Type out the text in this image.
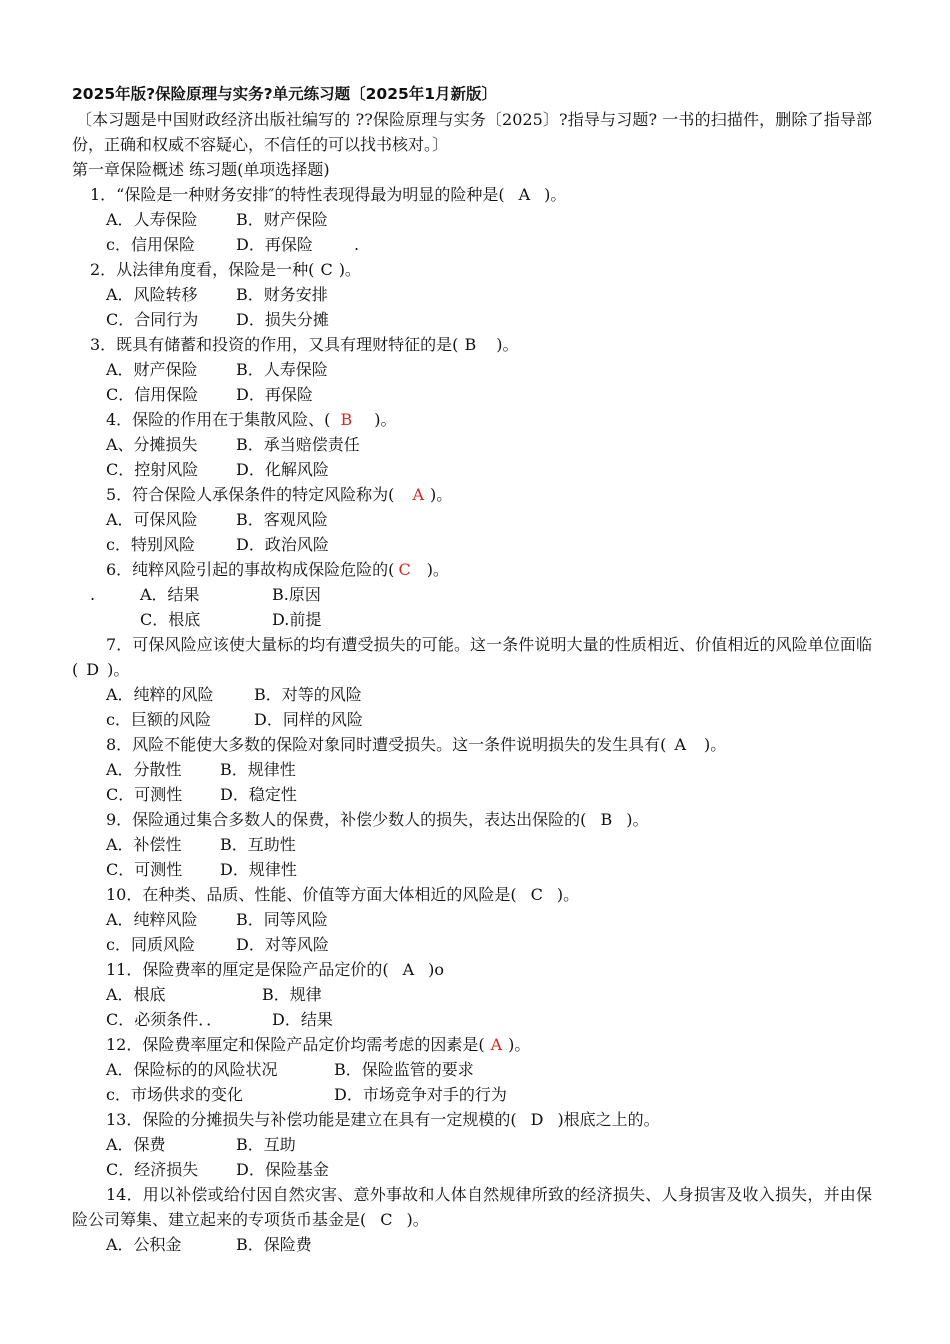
2025年版?保险原理与实务?单元练习题〔2025年1月新版〕
〔本习题是中国财政经济出版社编写的 ??保险原理与实务〔2025〕?指导与习题? 一书的扫描件，删除了指导部份，正确和权威不容疑心，不信任的可以找书核对。〕
第一章保险概述 练习题(单项选择题)
1．“保险是一种财务安排″的特性表现得最为明显的险种是( A )。
A．人寿保险 B．财产保险
c．信用保险	D．再保险	.
2．从法律角度看，保险是一种( C )。
A．风险转移 B．财务安排
C．合同行为 D．损失分摊
3．既具有储蓄和投资的作用，又具有理财特征的是( B )。
A．财产保险 B．人寿保险
C．信用保险 D．再保险
4．保险的作用在于集散风险、( B )。
A、分摊损失 B．承当赔偿责任
C．控射风险 D．化解风险
5．符合保险人承保条件的特定风险称为( A )。
A．可保风险 B．客观风险
c．特别风险	D．政治风险
6．纯粹风险引起的事故构成保险危险的( C )。
.	A．结果	B.原因
C．根底	D.前提
7．可保风险应该使大量标的均有遭受损失的可能。这一条件说明大量的性质相近、价值相近的风险单位面临( D )。
A．纯粹的风险	B．对等的风险
c．巨额的风险	D．同样的风险
8．风险不能使大多数的保险对象同时遭受损失。这一条件说明损失的发生具有( A )。
A．分散性 B．规律性
C．可测性 D．稳定性
9．保险通过集合多数人的保费，补偿少数人的损失，表达出保险的( B )。
A．补偿性 B．互助性
C．可测性 D．规律性
10．在种类、品质、性能、价值等方面大体相近的风险是( C )。
A．纯粹风险 B．同等风险
c．同质风险	D．对等风险
11．保险费率的厘定是保险产品定价的( A )o
A．根底	B．规律
C．必须条件．．	D．结果
12．保险费率厘定和保险产品定价均需考虑的因素是( A )。
A．保险标的的风险状况	B．保险监管的要求
c．市场供求的变化	D．市场竞争对手的行为
13．保险的分摊损失与补偿功能是建立在具有一定规模的( D )根底之上的。
A．保费	B．互助
C．经济损失 D．保险基金
14．用以补偿或给付因自然灾害、意外事故和人体自然规律所致的经济损失、人身损害及收入损失，并由保险公司筹集、建立起来的专项货币基金是( C )。
A．公积金	B．保险费
